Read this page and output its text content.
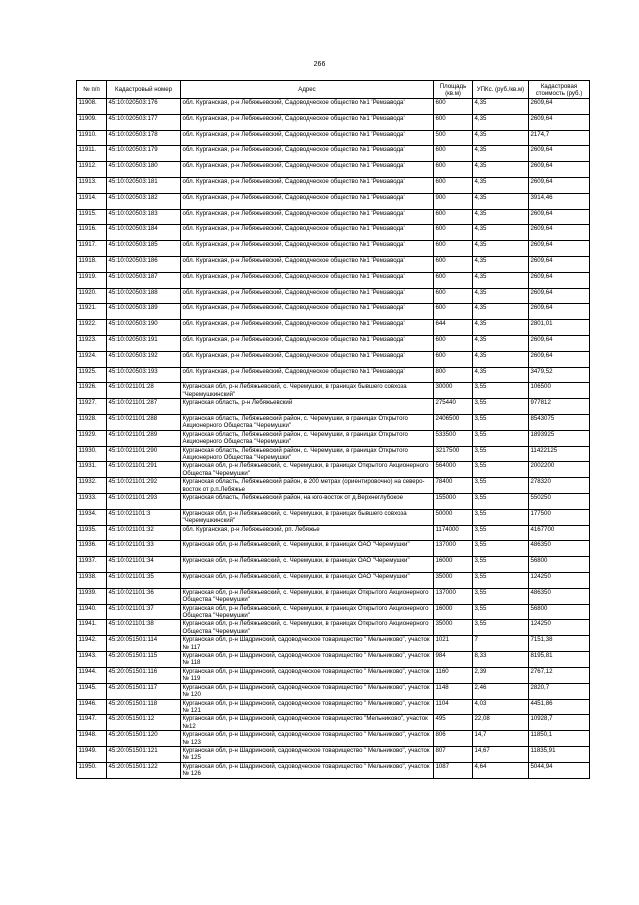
266
№ п/п	Кадастровый номер	Адрес	Площадь (кв.м)	УПКс. (руб./кв.м)	Кадастровая стоимость (руб.)
11908.	45:10:020503:176	обл. Курганская, р-н Лебяжьевский, Садоводческое общество №1 'Ремзавода'	600	4,35	2609,64
11909.	45:10:020503:177	обл. Курганская, р-н Лебяжьевский, Садоводческое общество №1 'Ремзавода'	600	4,35	2609,64
11910.	45:10:020503:178	обл. Курганская, р-н Лебяжьевский, Садоводческое общество №1 'Ремзавода'	500	4,35	2174,7
11911.	45:10:020503:179	обл. Курганская, р-н Лебяжьевский, Садоводческое общество №1 'Ремзавода'	600	4,35	2609,64
11912.	45:10:020503:180	обл. Курганская, р-н Лебяжьевский, Садоводческое общество №1 'Ремзавода'	600	4,35	2609,64
11913.	45:10:020503:181	обл. Курганская, р-н Лебяжьевский, Садоводческое общество №1 'Ремзавода'	600	4,35	2609,64
11914.	45:10:020503:182	обл. Курганская, р-н Лебяжьевский, Садоводческое общество №1 'Ремзавода'	900	4,35	3914,46
11915.	45:10:020503:183	обл. Курганская, р-н Лебяжьевский, Садоводческое общество №1 'Ремзавода'	600	4,35	2609,64
11916.	45:10:020503:184	обл. Курганская, р-н Лебяжьевский, Садоводческое общество №1 'Ремзавода'	600	4,35	2609,64
11917.	45:10:020503:185	обл. Курганская, р-н Лебяжьевский, Садоводческое общество №1 'Ремзавода'	600	4,35	2609,64
11918.	45:10:020503:186	обл. Курганская, р-н Лебяжьевский, Садоводческое общество №1 'Ремзавода'	600	4,35	2609,64
11919.	45:10:020503:187	обл. Курганская, р-н Лебяжьевский, Садоводческое общество №1 'Ремзавода'	600	4,35	2609,64
11920.	45:10:020503:188	обл. Курганская, р-н Лебяжьевский, Садоводческое общество №1 'Ремзавода'	600	4,35	2609,64
11921.	45:10:020503:189	обл. Курганская, р-н Лебяжьевский, Садоводческое общество №1 'Ремзавода'	600	4,35	2609,64
11922.	45:10:020503:190	обл. Курганская, р-н Лебяжьевский, Садоводческое общество №1 'Ремзавода'	644	4,35	2801,01
11923.	45:10:020503:191	обл. Курганская, р-н Лебяжьевский, Садоводческое общество №1 'Ремзавода'	600	4,35	2609,64
11924.	45:10:020503:192	обл. Курганская, р-н Лебяжьевский, Садоводческое общество №1 'Ремзавода'	600	4,35	2609,64
11925.	45:10:020503:193	обл. Курганская, р-н Лебяжьевский, Садоводческое общество №1 'Ремзавода'	800	4,35	3479,52
11926.	45:10:021101:28	Курганская обл, р-н Лебяжьевский, с. Черемушки, в границах бывшего совхоза "Черемушкинский"	30000	3,55	106500
11927.	45:10:021101:287	Курганская область, р-н Лебяжьевский	275440	3,55	977812
11928.	45:10:021101:288	Курганская область, Лебяжьевский район, с. Черемушки, в границах Открытого Акционерного Общества "Черемушки"	2406500	3,55	8543075
11929.	45:10:021101:289	Курганская область, Лебяжьевский район, с. Черемушки, в границах Открытого Акционерного Общества "Черемушки"	533500	3,55	1893925
11930.	45:10:021101:290	Курганская область, Лебяжьевский район, с. Черемушки, в границах Открытого Акционерного Общества "Черемушки"	3217500	3,55	11422125
11931.	45:10:021101:291	Курганская обл, р-н Лебяжьевский, с. Черемушки, в границах Открытого Акционерного Общества "Черемушки"	564000	3,55	2002200
11932.	45:10:021101:292	Курганская область, Лебяжьевский район, в 200 метрах (ориентировочно) на северо-восток от р.п.Лебяжье	78400	3,55	278320
11933.	45:10:021101:293	Курганская область, Лебяжьевский район, на юго-восток от д.Верхнеглубокое	155000	3,55	550250
11934.	45:10:021101:3	Курганская обл, р-н Лебяжьевский, с. Черемушки, в границах бывшего совхоза "Черемушкинский"	50000	3,55	177500
11935.	45:10:021101:32	обл. Курганская, р-н Лебяжьевский, рп. Лебяжье	1174000	3,55	4167700
11936.	45:10:021101:33	Курганская обл, р-н Лебяжьевский, с. Черемушки, в границах ОАО "Черемушки"	137000	3,55	486350
11937.	45:10:021101:34	Курганская обл, р-н Лебяжьевский, с. Черемушки, в границах ОАО "Черемушки"	16000	3,55	56800
11938.	45:10:021101:35	Курганская обл, р-н Лебяжьевский, с. Черемушки, в границах ОАО "Черемушки"	35000	3,55	124250
11939.	45:10:021101:36	Курганская обл, р-н Лебяжьевский, с. Черемушки, в границах Открытого Акционерного Общества "Черемушки"	137000	3,55	486350
11940.	45:10:021101:37	Курганская обл, р-н Лебяжьевский, с. Черемушки, в границах Открытого Акционерного Общества "Черемушки"	16000	3,55	56800
11941.	45:10:021101:38	Курганская обл, р-н Лебяжьевский, с. Черемушки, в границах Открытого Акционерного Общества "Черемушки"	35000	3,55	124250
11942.	45:20:051501:114	Курганская обл, р-н Шадринский, садоводческое товарищество " Мельниково", участок № 117	1021	7	7151,38
11943.	45:20:051501:115	Курганская обл, р-н Шадринский, садоводческое товарищество " Мельниково", участок № 118	984	8,33	8195,81
11944.	45:20:051501:116	Курганская обл, р-н Шадринский, садоводческое товарищество " Мельниково", участок № 119	1160	2,39	2767,12
11945.	45:20:051501:117	Курганская обл, р-н Шадринский, садоводческое товарищество " Мельниково", участок № 120	1148	2,46	2820,7
11946.	45:20:051501:118	Курганская обл, р-н Шадринский, садоводческое товарищество " Мельниково", участок № 121	1104	4,03	4451,86
11947.	45:20:051501:12	Курганская обл, р-н Шадринский, садоводческое товарищество "Мельниково", участок №12	495	22,08	10928,7
11948.	45:20:051501:120	Курганская обл, р-н Шадринский, садоводческое товарищество " Мельниково", участок № 123	806	14,7	11850,1
11949.	45:20:051501:121	Курганская обл, р-н Шадринский, садоводческое товарищество " Мельниково", участок № 125	807	14,67	11835,91
11950.	45:20:051501:122	Курганская обл, р-н Шадринский, садоводческое товарищество " Мельниково", участок № 126	1087	4,64	5044,94
